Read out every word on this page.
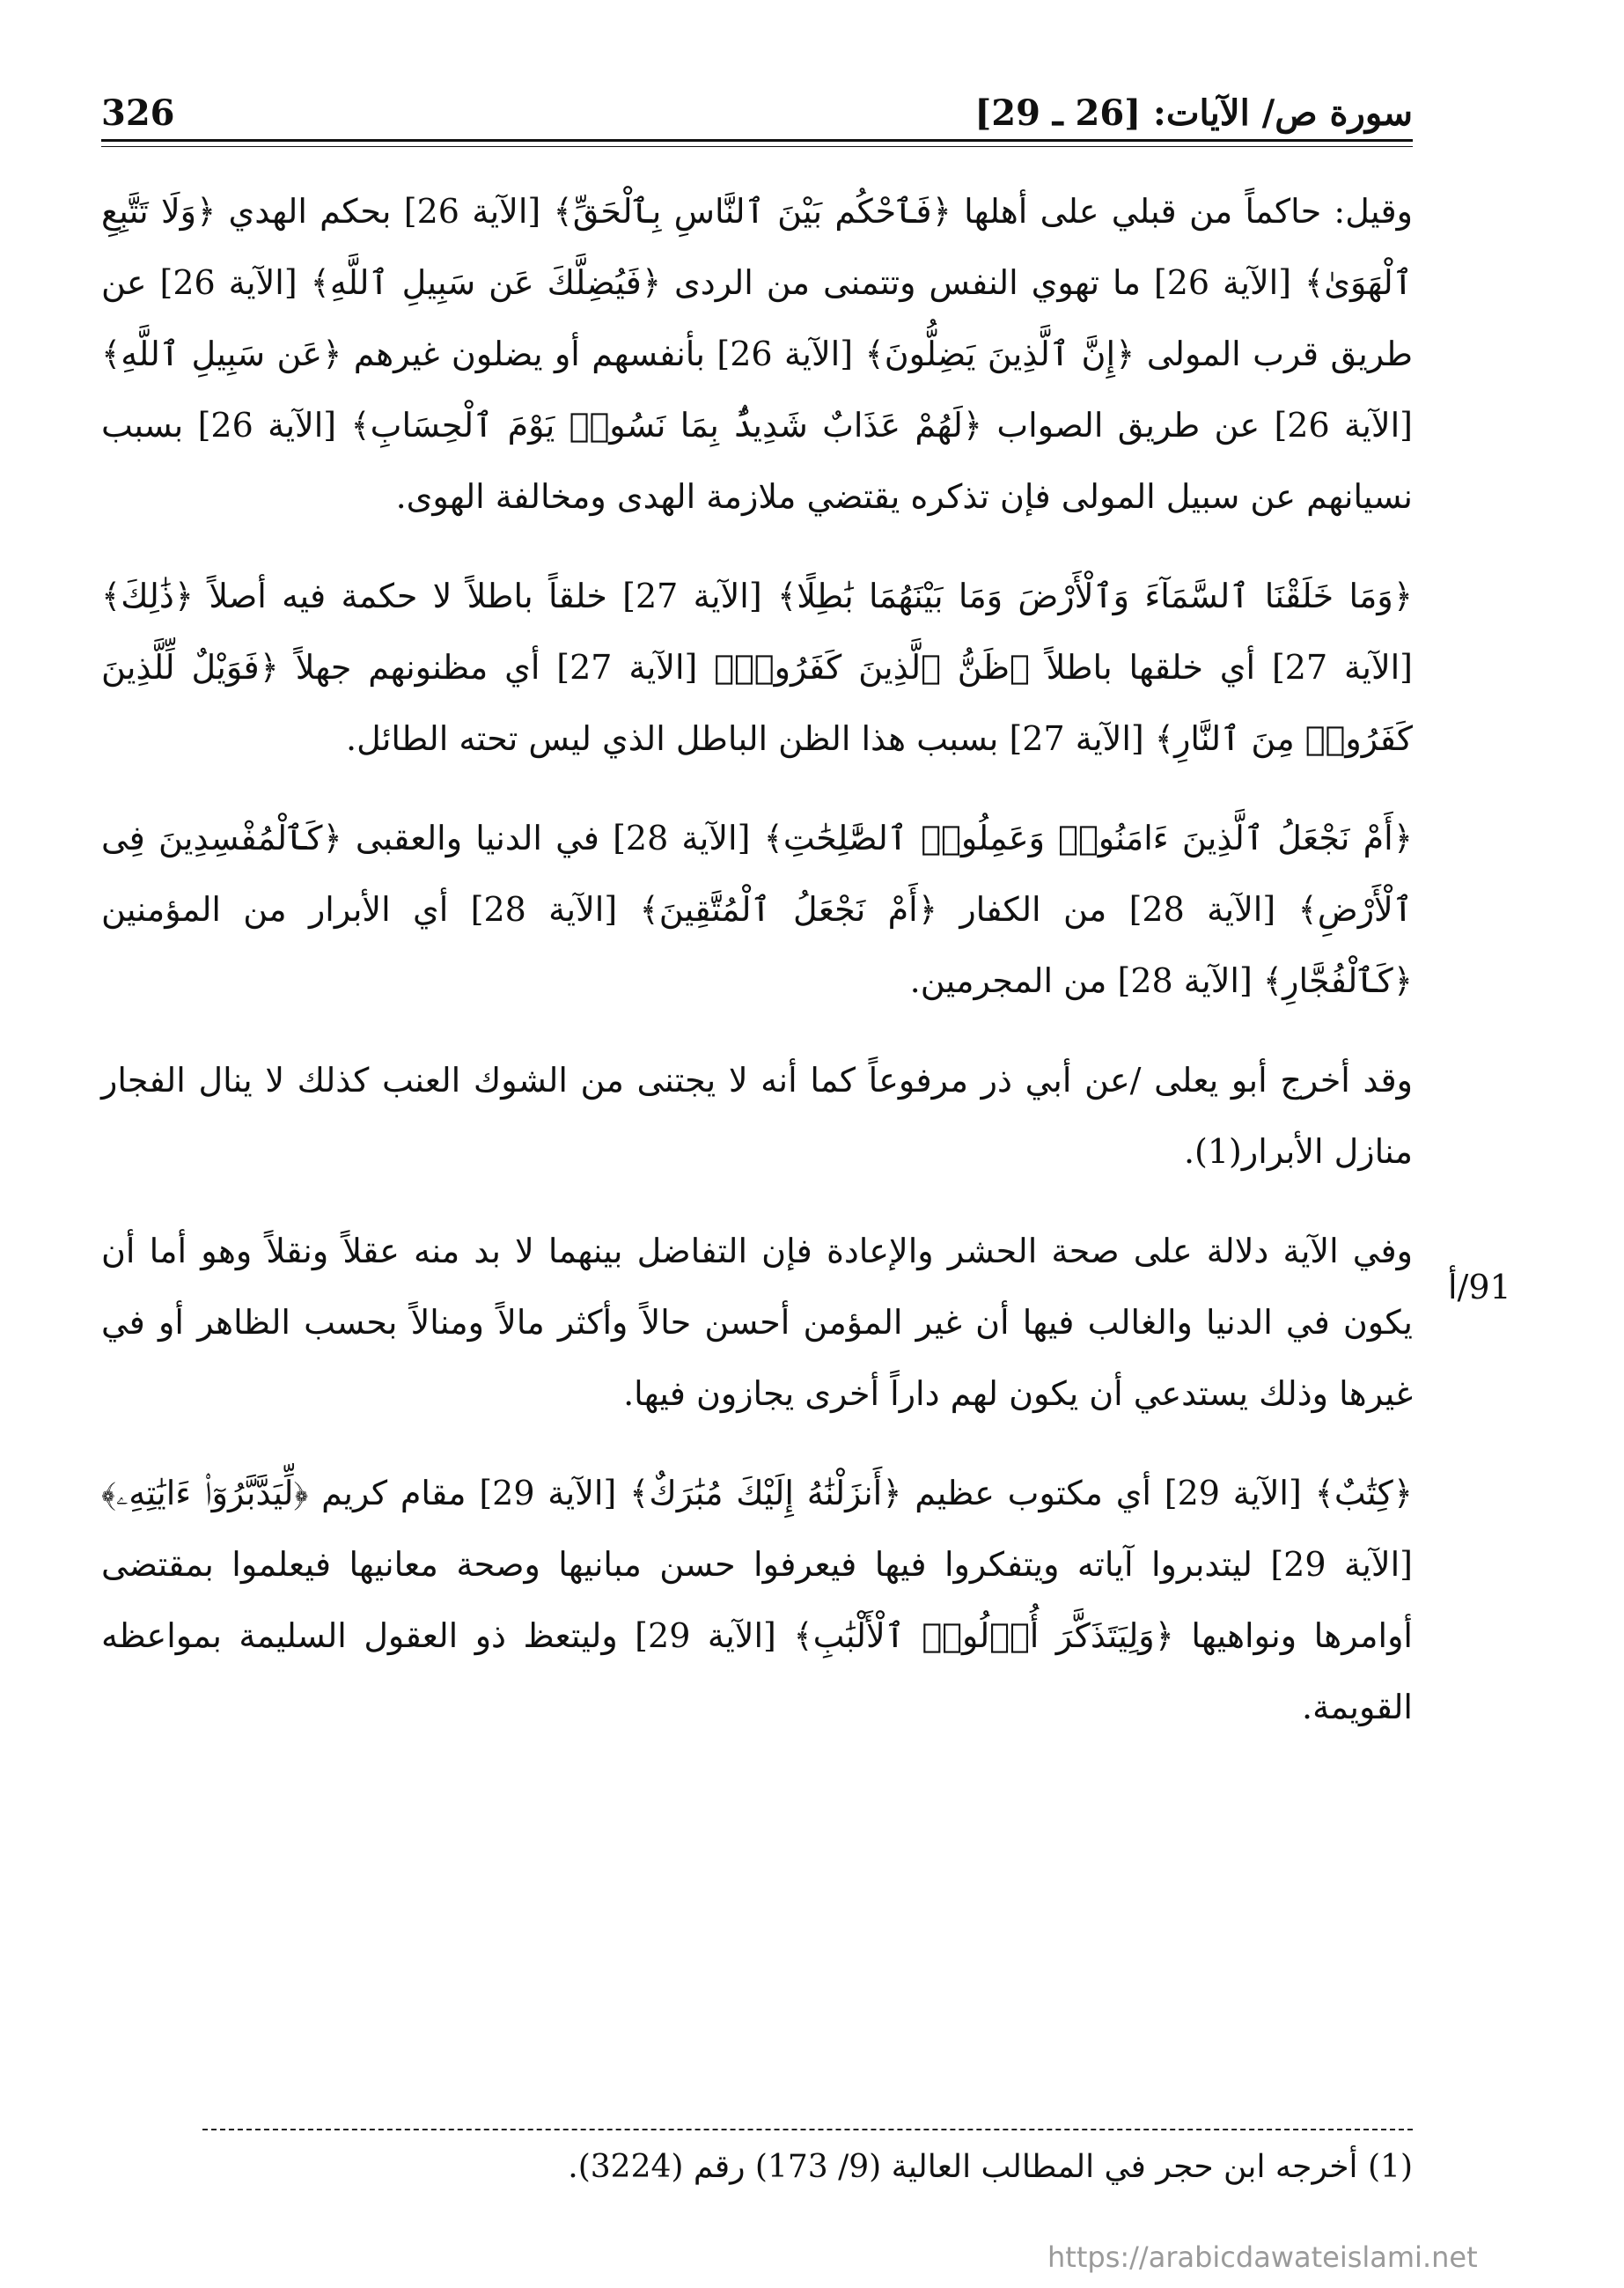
326	سورة ص/ الآيات: [26 ـ 29]

وقيل: حاكماً من قبلي على أهلها ﴿فَٱحْكُم بَيْنَ ٱلنَّاسِ بِٱلْحَقِّ﴾ [الآية 26] بحكم الهدي ﴿وَلَا تَتَّبِعِ ٱلْهَوَىٰ﴾ [الآية 26] ما تهوي النفس وتتمنى من الردى ﴿فَيُضِلَّكَ عَن سَبِيلِ ٱللَّهِ﴾ [الآية 26] عن طريق قرب المولى ﴿إِنَّ ٱلَّذِينَ يَضِلُّونَ﴾ [الآية 26] بأنفسهم أو يضلون غيرهم ﴿عَن سَبِيلِ ٱللَّهِ﴾ [الآية 26] عن طريق الصواب ﴿لَهُمْ عَذَابٌ شَدِيدٌۢ بِمَا نَسُوا۟ يَوْمَ ٱلْحِسَابِ﴾ [الآية 26] بسبب نسيانهم عن سبيل المولى فإن تذكره يقتضي ملازمة الهدى ومخالفة الهوى.

﴿وَمَا خَلَقْنَا ٱلسَّمَآءَ وَٱلْأَرْضَ وَمَا بَيْنَهُمَا بَٰطِلًا﴾ [الآية 27] خلقاً باطلاً لا حكمة فيه أصلاً ﴿ذَٰلِكَ﴾ [الآية 27] أي خلقها باطلاً ﴿ظَنُّ ٱلَّذِينَ كَفَرُوا۟﴾ [الآية 27] أي مظنونهم جهلاً ﴿فَوَيْلٌ لِّلَّذِينَ كَفَرُوا۟ مِنَ ٱلنَّارِ﴾ [الآية 27] بسبب هذا الظن الباطل الذي ليس تحته الطائل.

﴿أَمْ نَجْعَلُ ٱلَّذِينَ ءَامَنُوا۟ وَعَمِلُوا۟ ٱلصَّٰلِحَٰتِ﴾ [الآية 28] في الدنيا والعقبى ﴿كَٱلْمُفْسِدِينَ فِى ٱلْأَرْضِ﴾ [الآية 28] من الكفار ﴿أَمْ نَجْعَلُ ٱلْمُتَّقِينَ﴾ [الآية 28] أي الأبرار من المؤمنين ﴿كَٱلْفُجَّارِ﴾ [الآية 28] من المجرمين.

وقد أخرج أبو يعلى /عن أبي ذر مرفوعاً كما أنه لا يجتنى من الشوك العنب كذلك لا ينال الفجار منازل الأبرار(1).

وفي الآية دلالة على صحة الحشر والإعادة فإن التفاضل بينهما لا بد منه عقلاً ونقلاً وهو أما أن يكون في الدنيا والغالب فيها أن غير المؤمن أحسن حالاً وأكثر مالاً ومنالاً بحسب الظاهر أو في غيرها وذلك يستدعي أن يكون لهم داراً أخرى يجازون فيها.

﴿كِتَٰبٌ﴾ [الآية 29] أي مكتوب عظيم ﴿أَنزَلْنَٰهُ إِلَيْكَ مُبَٰرَكٌ﴾ [الآية 29] مقام كريم ﴿لِّيَدَّبَّرُوٓا۟ ءَايَٰتِهِۦ﴾ [الآية 29] ليتدبروا آياته ويتفكروا فيها فيعرفوا حسن مبانيها وصحة معانيها فيعلموا بمقتضى أوامرها ونواهيها ﴿وَلِيَتَذَكَّرَ أُو۟لُوا۟ ٱلْأَلْبَٰبِ﴾ [الآية 29] وليتعظ ذو العقول السليمة بمواعظه القويمة.

91/أ
(1) أخرجه ابن حجر في المطالب العالية (9/ 173) رقم (3224).
https://arabicdawateislami.net
